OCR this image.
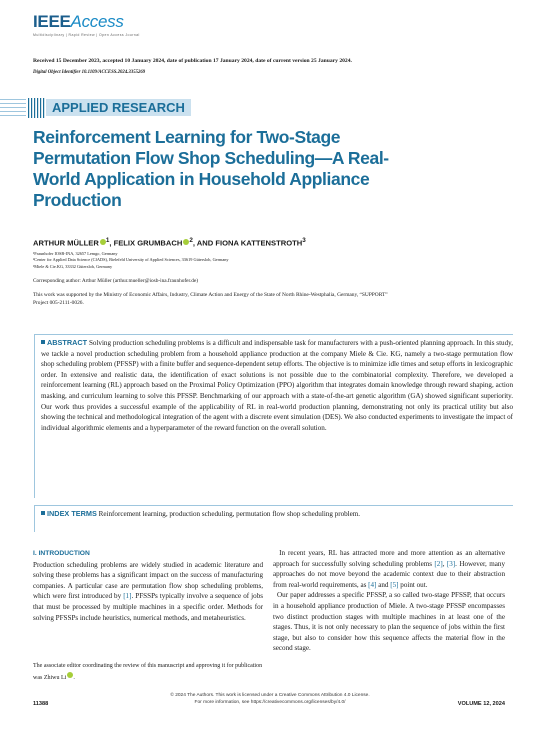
IEEEAccess
Multidisciplinary | Rapid Review | Open Access Journal
Received 15 December 2023, accepted 10 January 2024, date of publication 17 January 2024, date of current version 25 January 2024.
Digital Object Identifier 10.1109/ACCESS.2024.3355269
APPLIED RESEARCH
Reinforcement Learning for Two-Stage Permutation Flow Shop Scheduling—A Real-World Application in Household Appliance Production
ARTHUR MÜLLER $^1$, FELIX GRUMBACH $^2$, AND FIONA KATTENSTROTH$^3$
¹Fraunhofer IOSB-INA, 32657 Lemgo, Germany
²Center for Applied Data Science (CfADS), Bielefeld University of Applied Sciences, 33619 Gütersloh, Germany
³Miele & Cie.KG, 33332 Gütersloh, Germany
Corresponding author: Arthur Müller (arthur.mueller@iosb-ina.fraunhofer.de)
This work was supported by the Ministry of Economic Affairs, Industry, Climate Action and Energy of the State of North Rhine-Westphalia, Germany, “SUPPORT” Project 005-2111-0026.
ABSTRACT Solving production scheduling problems is a difficult and indispensable task for manufacturers with a push-oriented planning approach. In this study, we tackle a novel production scheduling problem from a household appliance production at the company Miele & Cie. KG, namely a two-stage permutation flow shop scheduling problem (PFSSP) with a finite buffer and sequence-dependent setup efforts. The objective is to minimize idle times and setup efforts in lexicographic order. In extensive and realistic data, the identification of exact solutions is not possible due to the combinatorial complexity. Therefore, we developed a reinforcement learning (RL) approach based on the Proximal Policy Optimization (PPO) algorithm that integrates domain knowledge through reward shaping, action masking, and curriculum learning to solve this PFSSP. Benchmarking of our approach with a state-of-the-art genetic algorithm (GA) showed significant superiority. Our work thus provides a successful example of the applicability of RL in real-world production planning, demonstrating not only its practical utility but also showing the technical and methodological integration of the agent with a discrete event simulation (DES). We also conducted experiments to investigate the impact of individual algorithmic elements and a hyperparameter of the reward function on the overall solution.
INDEX TERMS Reinforcement learning, production scheduling, permutation flow shop scheduling problem.
I. INTRODUCTION
Production scheduling problems are widely studied in academic literature and solving these problems has a significant impact on the success of manufacturing companies. A particular case are permutation flow shop scheduling problems, which were first introduced by [1]. PFSSPs typically involve a sequence of jobs that must be processed by multiple machines in a specific order. Methods for solving PFSSPs include heuristics, numerical methods, and metaheuristics.
The associate editor coordinating the review of this manuscript and approving it for publication was Zhiwu Li .
In recent years, RL has attracted more and more attention as an alternative approach for successfully solving scheduling problems [2], [3]. However, many approaches do not move beyond the academic context due to their abstraction from real-world requirements, as [4] and [5] point out.
Our paper addresses a specific PFSSP, a so called two-stage PFSSP, that occurs in a household appliance production of Miele. A two-stage PFSSP encompasses two distinct production stages with multiple machines in at least one of the stages. Thus, it is not only necessary to plan the sequence of jobs within the first stage, but also to consider how this sequence affects the material flow in the second stage.
© 2024 The Authors. This work is licensed under a Creative Commons Attribution 4.0 License.
For more information, see https://creativecommons.org/licenses/by/4.0/
11388	VOLUME 12, 2024
